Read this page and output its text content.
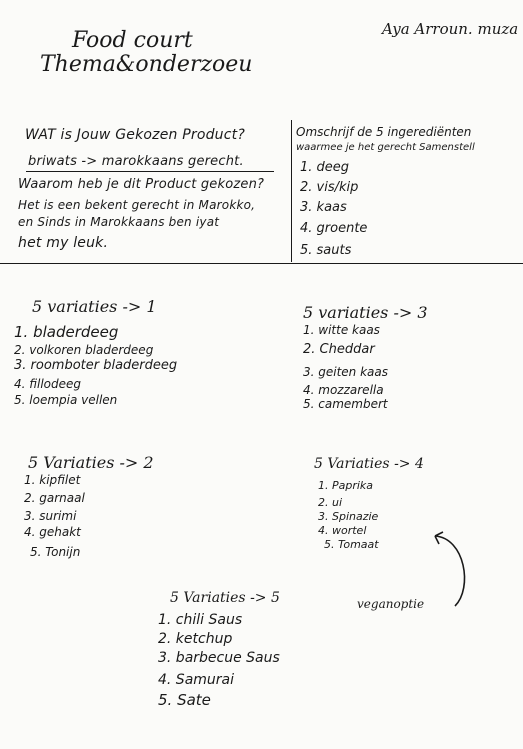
Food court
Thema&onderzoeu
Aya Arroun. muza
WAT is Jouw Gekozen Product?
briwats -> marokkaans gerecht.
Waarom heb je dit Product gekozen?
Het is een bekent gerecht in Marokko,
en Sinds in Marokkaans ben iyat
het my leuk.
Omschrijf de 5 ingerediënten
waarmee je het gerecht Samenstell
1. deeg
2. vis/kip
3. kaas
4. groente
5. sauts
5 variaties -> 1
1. bladerdeeg
2. volkoren bladerdeeg
3. roomboter bladerdeeg
4. fillodeeg
5. loempia vellen
5 variaties -> 3
1. witte kaas
2. Cheddar
3. geiten kaas
4. mozzarella
5. camembert
5 Variaties -> 2
1. kipfilet
2. garnaal
3. surimi
4. gehakt
5. Tonijn
5 Variaties -> 4
1. Paprika
2. ui
3. Spinazie
4. wortel
5. Tomaat
veganoptie
5 Variaties -> 5
1. chili Saus
2. ketchup
3. barbecue Saus
4. Samurai
5. Sate
